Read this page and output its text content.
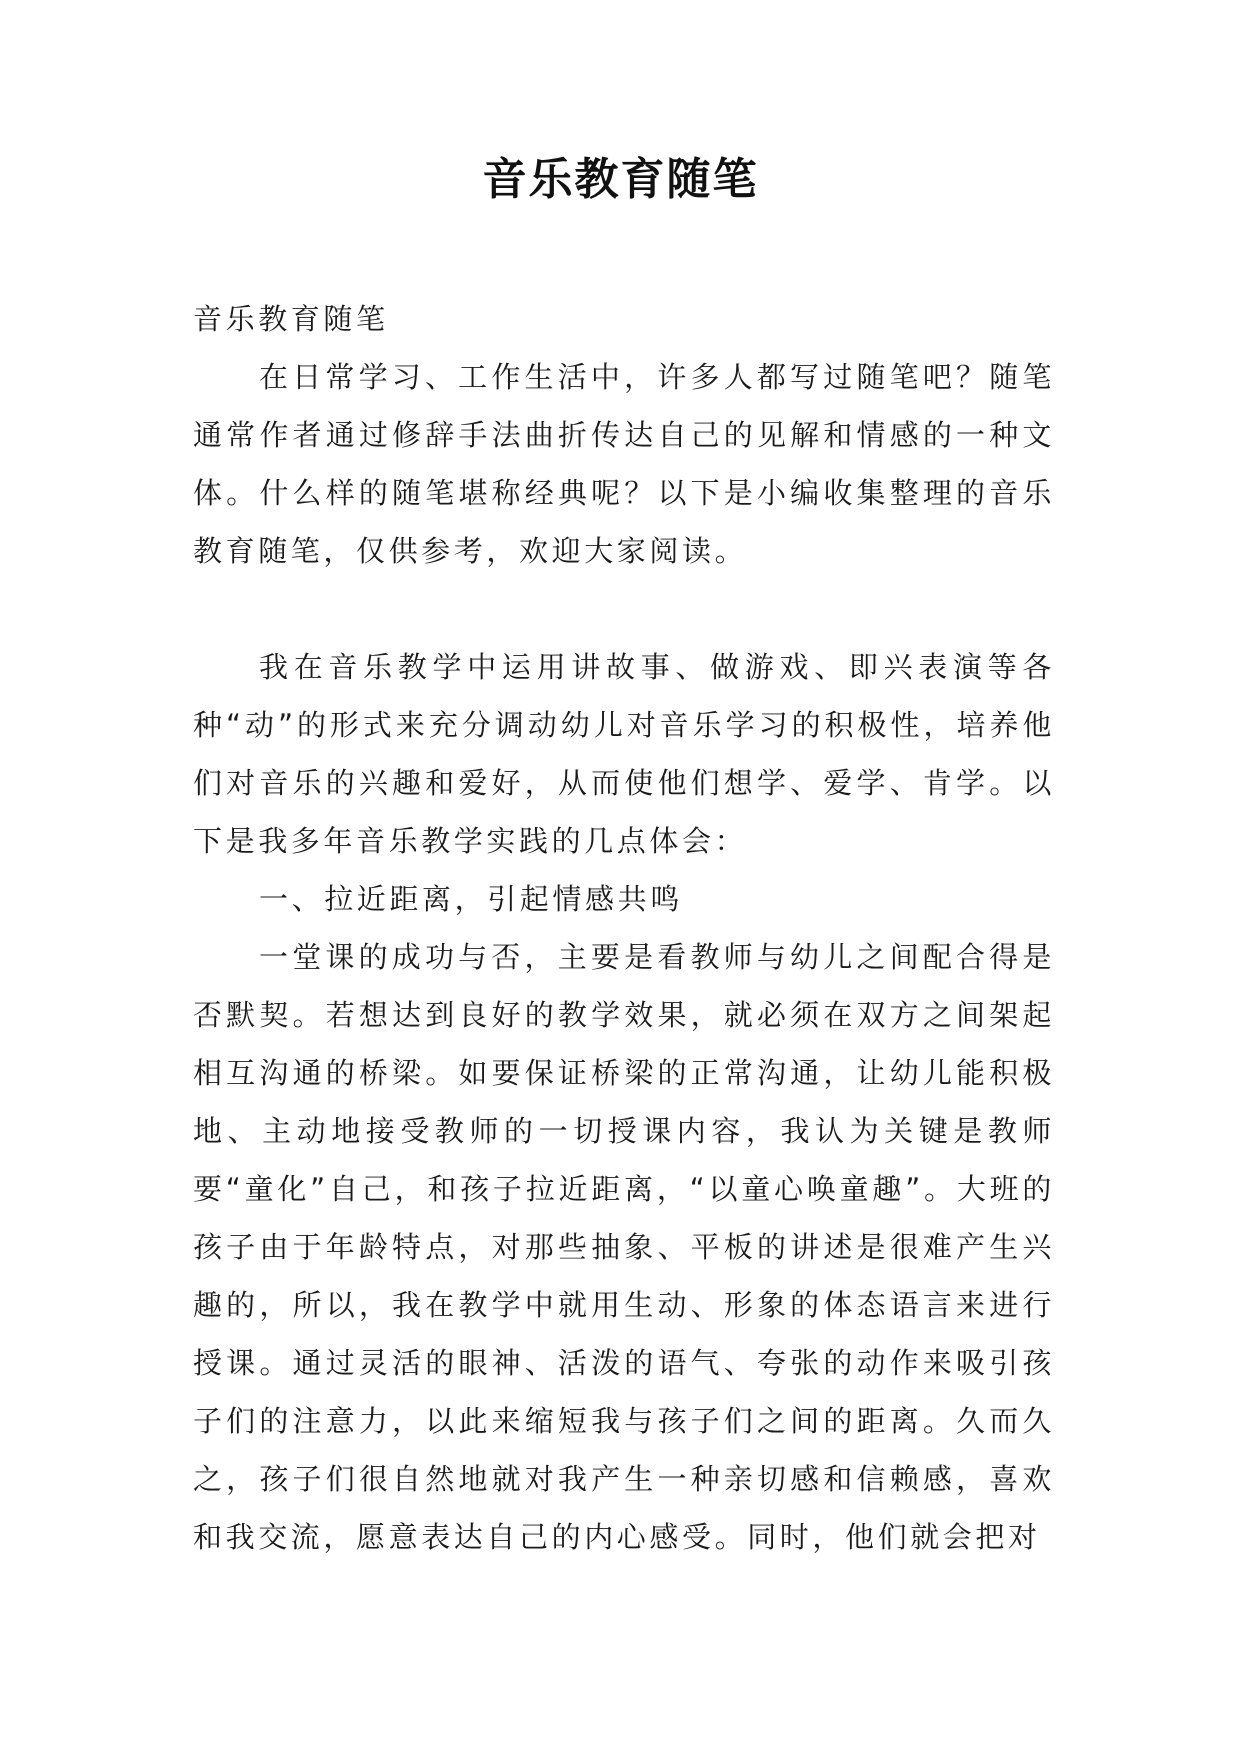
音乐教育随笔

音乐教育随笔

在日常学习、工作生活中，许多人都写过随笔吧？随笔通常作者通过修辞手法曲折传达自己的见解和情感的一种文体。什么样的随笔堪称经典呢？以下是小编收集整理的音乐教育随笔，仅供参考，欢迎大家阅读。

我在音乐教学中运用讲故事、做游戏、即兴表演等各种“动”的形式来充分调动幼儿对音乐学习的积极性，培养他们对音乐的兴趣和爱好，从而使他们想学、爱学、肯学。以下是我多年音乐教学实践的几点体会：

一、拉近距离，引起情感共鸣

一堂课的成功与否，主要是看教师与幼儿之间配合得是否默契。若想达到良好的教学效果，就必须在双方之间架起相互沟通的桥梁。如要保证桥梁的正常沟通，让幼儿能积极地、主动地接受教师的一切授课内容，我认为关键是教师要“童化”自己，和孩子拉近距离，“以童心唤童趣”。大班的孩子由于年龄特点，对那些抽象、平板的讲述是很难产生兴趣的，所以，我在教学中就用生动、形象的体态语言来进行授课。通过灵活的眼神、活泼的语气、夸张的动作来吸引孩子们的注意力，以此来缩短我与孩子们之间的距离。久而久之，孩子们很自然地就对我产生一种亲切感和信赖感，喜欢和我交流，愿意表达自己的内心感受。同时，他们就会把对
